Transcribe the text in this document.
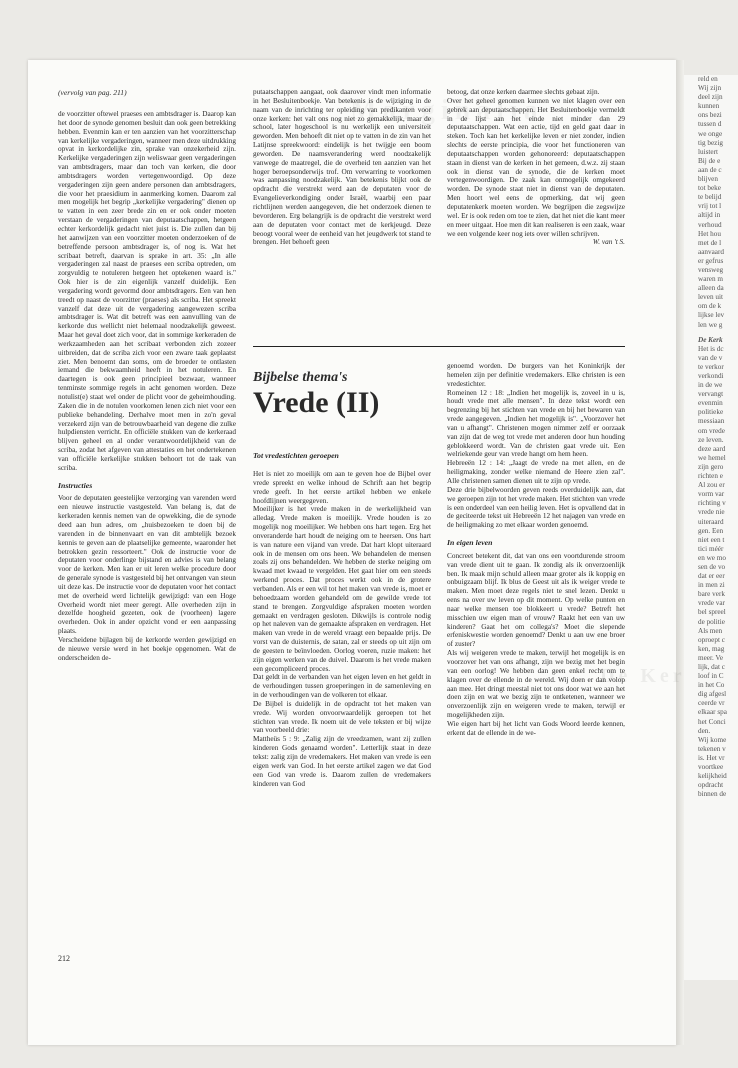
(vervolg van pag. 211)

de voorzitter oftewel praeses een ambtsdrager is. Daarop kan het door de synode genomen besluit dan ook geen betrekking hebben. Evenmin kan er ten aanzien van het voorzitterschap van kerkelijke vergaderingen, wanneer men deze uitdrukking opvat in kerkordelijke zin, sprake van onzekerheid zijn. Kerkelijke vergaderingen zijn weliswaar geen vergaderingen van ambtsdragers, maar dan toch van kerken, die door ambtsdragers worden vertegenwoordigd. Op deze vergaderingen zijn geen andere personen dan ambtsdragers, die voor het praesidium in aanmerking komen. Daarom zal men mogelijk het begrip „kerkelijke vergadering" dienen op te vatten in een zeer brede zin en er ook onder moeten verstaan de vergaderingen van deputaatschappen, hetgeen echter kerkordelijk gedacht niet juist is. Die zullen dan bij het aanwijzen van een voorzitter moeten onderzoeken of de betreffende persoon ambtsdrager is, of nog is. Wat het scribaat betreft, daarvan is sprake in art. 35: „In alle vergaderingen zal naast de praeses een scriba optreden, om zorgvuldig te notuleren hetgeen het optekenen waard is." Ook hier is de zin eigenlijk vanzelf duidelijk. Een vergadering wordt gevormd door ambtsdragers. Een van hen treedt op naast de voorzitter (praeses) als scriba. Het spreekt vanzelf dat deze uit de vergadering aangewezen scriba ambtsdrager is. Wat dit betreft was een aanvulling van de kerkorde dus wellicht niet helemaal noodzakelijk geweest. Maar het geval doet zich voor, dat in sommige kerkeraden de werkzaamheden aan het scribaat verbonden zich zozeer uitbreiden, dat de scriba zich voor een zware taak geplaatst ziet. Men benoemt dan soms, om de broeder te ontlasten iemand die bekwaamheid heeft in het notuleren. En daartegen is ook geen principieel bezwaar, wanneer tenminste sommige regels in acht genomen worden. Deze notulist(e) staat wel onder de plicht voor de geheimhouding. Zaken die in de notulen voorkomen lenen zich niet voor een publieke behandeling. Derhalve moet men in zo'n geval verzekerd zijn van de betrouwbaarheid van degene die zulke hulpdiensten verricht. En officiële stukken van de kerkeraad blijven geheel en al onder verantwoordelijkheid van de scriba, zodat het afgeven van attestaties en het ondertekenen van officiële kerkelijke stukken behoort tot de taak van scriba.

Instructies

Voor de deputaten geestelijke verzorging van varenden werd een nieuwe instructie vastgesteld. Van belang is, dat de kerkeraden kennis nemen van de opwekking, die de synode deed aan hun adres, om „huisbezoeken te doen bij de varenden in de binnenvaart en van dit ambtelijk bezoek kennis te geven aan de plaatselijke gemeente, waaronder het betrokken gezin ressorteert." Ook de instructie voor de deputaten voor onderlinge bijstand en advies is van belang voor de kerken. Men kan er uit leren welke procedure door de generale synode is vastgesteld bij het ontvangen van steun uit deze kas. De instructie voor de deputaten voor het contact met de overheid werd lichtelijk gewijzigd: van een Hoge Overheid wordt niet meer geregt. Alle overheden zijn in dezelfde hoogheid gezeten, ook de (voorheen) lagere overheden. Ook in ander opzicht vond er een aanpassing plaats.

Verscheidene bijlagen bij de kerkorde werden gewijzigd en de nieuwe versie werd in het boekje opgenomen. Wat de onderscheiden de-

putaatschappen aangaat, ook daarover vindt men informatie in het Besluitenboekje. Van betekenis is de wijziging in de naam van de inrichting ter opleiding van predikanten voor onze kerken: het valt ons nog niet zo gemakkelijk, maar de school, later hogeschool is nu werkelijk een universiteit geworden. Men behoeft dit niet op te vatten in de zin van het Latijnse spreekwoord: eindelijk is het twijgje een boom geworden. De naamsverandering werd noodzakelijk vanwege de maatregel, die de overheid ten aanzien van het hoger beroepsonderwijs trof. Om verwarring te voorkomen was aanpassing noodzakelijk. Van betekenis blijkt ook de opdracht die verstrekt werd aan de deputaten voor de Evangelieverkondiging onder Israël, waarbij een paar richtlijnen werden aangegeven, die het onderzoek dienen te bevorderen. Erg belangrijk is de opdracht die verstrekt werd aan de deputaten voor contact met de kerkjeugd. Deze beoogt vooral weer de eenheid van het jeugdwerk tot stand te brengen. Het behoeft geen

betoog, dat onze kerken daarmee slechts gebaat zijn.

Over het geheel genomen kunnen we niet klagen over een gebrek aan deputaatschappen. Het Besluitenboekje vermeldt in de lijst aan het einde niet minder dan 29 deputaatschappen. Wat een actie, tijd en geld gaat daar in steken. Toch kan het kerkelijke leven er niet zonder, indien slechts de eerste principia, die voor het functioneren van deputaatschappen worden gehonoreerd: deputaatschappen staan in dienst van de kerken in het gemeen, d.w.z. zij staan ook in dienst van de synode, die de kerken moet vertegenwoordigen. De zaak kan onmogelijk omgekeerd worden. De synode staat niet in dienst van de deputaten. Men hoort wel eens de opmerking, dat wij geen deputatenkerk moeten worden. We begrijpen die zegswijze wel. Er is ook reden om toe te zien, dat het niet die kant meer en meer uitgaat. Hoe men dit kan realiseren is een zaak, waar we een volgende keer nog iets over willen schrijven.

W. van 't S.

Bijbelse thema's
Vrede (II)
Tot vredestichten geroepen

Het is niet zo moeilijk om aan te geven hoe de Bijbel over vrede spreekt en welke inhoud de Schrift aan het begrip vrede geeft. In het eerste artikel hebben we enkele hoofdlijnen weergegeven.

Moeilijker is het vrede maken in de werkelijkheid van alledag. Vrede maken is moeilijk. Vrede houden is zo mogelijk nog moeilijker. We hebben ons hart tegen. Erg het onveranderde hart houdt de neiging om te heersen. Ons hart is van nature een vijand van vrede. Dat hart klopt uiteraard ook in de mensen om ons heen. We behandelen de mensen zoals zij ons behandelden. We hebben de sterke neiging om kwaad met kwaad te vergelden. Het gaat hier om een steeds werkend proces. Dat proces werkt ook in de grotere verbanden. Als er een wil tot het maken van vrede is, moet er behoedzaam worden gehandeld om de gewilde vrede tot stand te brengen. Zorgvuldige afspraken moeten worden gemaakt en verdragen gesloten. Dikwijls is controle nodig op het naleven van de gemaakte afspraken en verdragen. Het maken van vrede in de wereld vraagt een bepaalde prijs. De vorst van de duisternis, de satan, zal er steeds op uit zijn om de geesten te beïnvloeden. Oorlog voeren, ruzie maken: het zijn eigen werken van de duivel. Daarom is het vrede maken een gecompliceerd proces.

Dat geldt in de verbanden van het eigen leven en het geldt in de verhoudingen tussen groeperingen in de samenleving en in de verhoudingen van de volkeren tot elkaar.

De Bijbel is duidelijk in de opdracht tot het maken van vrede. Wij worden onvoorwaardelijk geroepen tot het stichten van vrede. Ik noem uit de vele teksten er bij wijze van voorbeeld drie:

Mattheüs 5 : 9: „Zalig zijn de vreedzamen, want zij zullen kinderen Gods genaamd worden". Letterlijk staat in deze tekst: zalig zijn de vredemakers. Het maken van vrede is een eigen werk van God. In het eerste artikel zagen we dat God een God van vrede is. Daarom zullen de vredemakers kinderen van God

genoemd worden. De burgers van het Koninkrijk der hemelen zijn per definitie vredemakers. Elke christen is een vredestichter.

Romeinen 12 : 18: „Indien het mogelijk is, zoveel in u is, houdt vrede met alle mensen". In deze tekst wordt een begrenzing bij het stichten van vrede en bij het bewaren van vrede aangegeven. „Indien het mogelijk is". „Voorzover het van u afhangt". Christenen mogen nimmer zelf er oorzaak van zijn dat de weg tot vrede met anderen door hun houding geblokkeerd wordt. Van de christen gaat vrede uit. Een welriekende geur van vrede hangt om hem heen.

Hebreeën 12 : 14: „Jaagt de vrede na met allen, en de heiligmaking, zonder welke niemand de Heere zien zal". Alle christenen samen dienen uit te zijn op vrede.

Deze drie bijbelwoorden geven reeds overduidelijk aan, dat we geroepen zijn tot het vrede maken. Het stichten van vrede is een onderdeel van een heilig leven. Het is opvallend dat in de geciteerde tekst uit Hebreeën 12 het najagen van vrede en de heiligmaking zo met elkaar worden genoemd.

In eigen leven

Concreet betekent dit, dat van ons een voortdurende stroom van vrede dient uit te gaan. Ik zondig als ik onverzoenlijk ben. Ik maak mijn schuld alleen maar groter als ik koppig en onbuigzaam blijf. Ik blus de Geest uit als ik weiger vrede te maken. Men moet deze regels niet te snel lezen. Denkt u eens na over uw leven op dit moment. Op welke punten en naar welke mensen toe blokkeert u vrede? Betreft het misschien uw eigen man of vrouw? Raakt het een van uw kinderen? Gaat het om collega's? Moet die slepende erfeniskwestie worden genoemd? Denkt u aan uw ene broer of zuster?

Als wij weigeren vrede te maken, terwijl het mogelijk is en voorzover het van ons afhangt, zijn we bezig met het begin van een oorlog! We hebben dan geen enkel recht om te klagen over de ellende in de wereld. Wij doen er dan volop aan mee. Het dringt meestal niet tot ons door wat we aan het doen zijn en wat we bezig zijn te ontketenen, wanneer we onverzoenlijk zijn en weigeren vrede te maken, terwijl er mogelijkheden zijn.

Wie eigen hart bij het licht van Gods Woord leerde kennen, erkent dat de ellende in de we-

212
reld en
Wij zijn
deel zijn
kunnen
ons bezi
tussen d
we onge
tig bezig
luistert
Bij de e
aan de c
blijven
tot beke
te belijd
vrij tot l
altijd in
verhoud
Het hou
met de l
aanvaard
er gefrus
vensweg
waren m
alleen da
leven uit
om de k
lijkse lev
len we g
De Kerk
Het is dc
van de v
te verkor
verkondi
in de we
vervangt
evenmin
politieke
messiaan
om vrede
ze leven.
deze aard
we hemel
zijn gero
richten e
Al zou er
vorm var
richting v
vrede nie
uiteraard
gen. Een
niet een t
tici méér
en we mo
sen de vo
dat er eer
in men zi
bare verk
vrede var
bel spreel
de politie
Als men
oproept c
ken, mag
meer. Ve
lijk, dat c
loof in C
in het Co
dig afgesl
ceerde vr
elkaar spa
het Conci
den.
Wij kome
tekenen v
is. Het vr
voortkee
kelijkheid
opdracht
binnen de
De Ker
